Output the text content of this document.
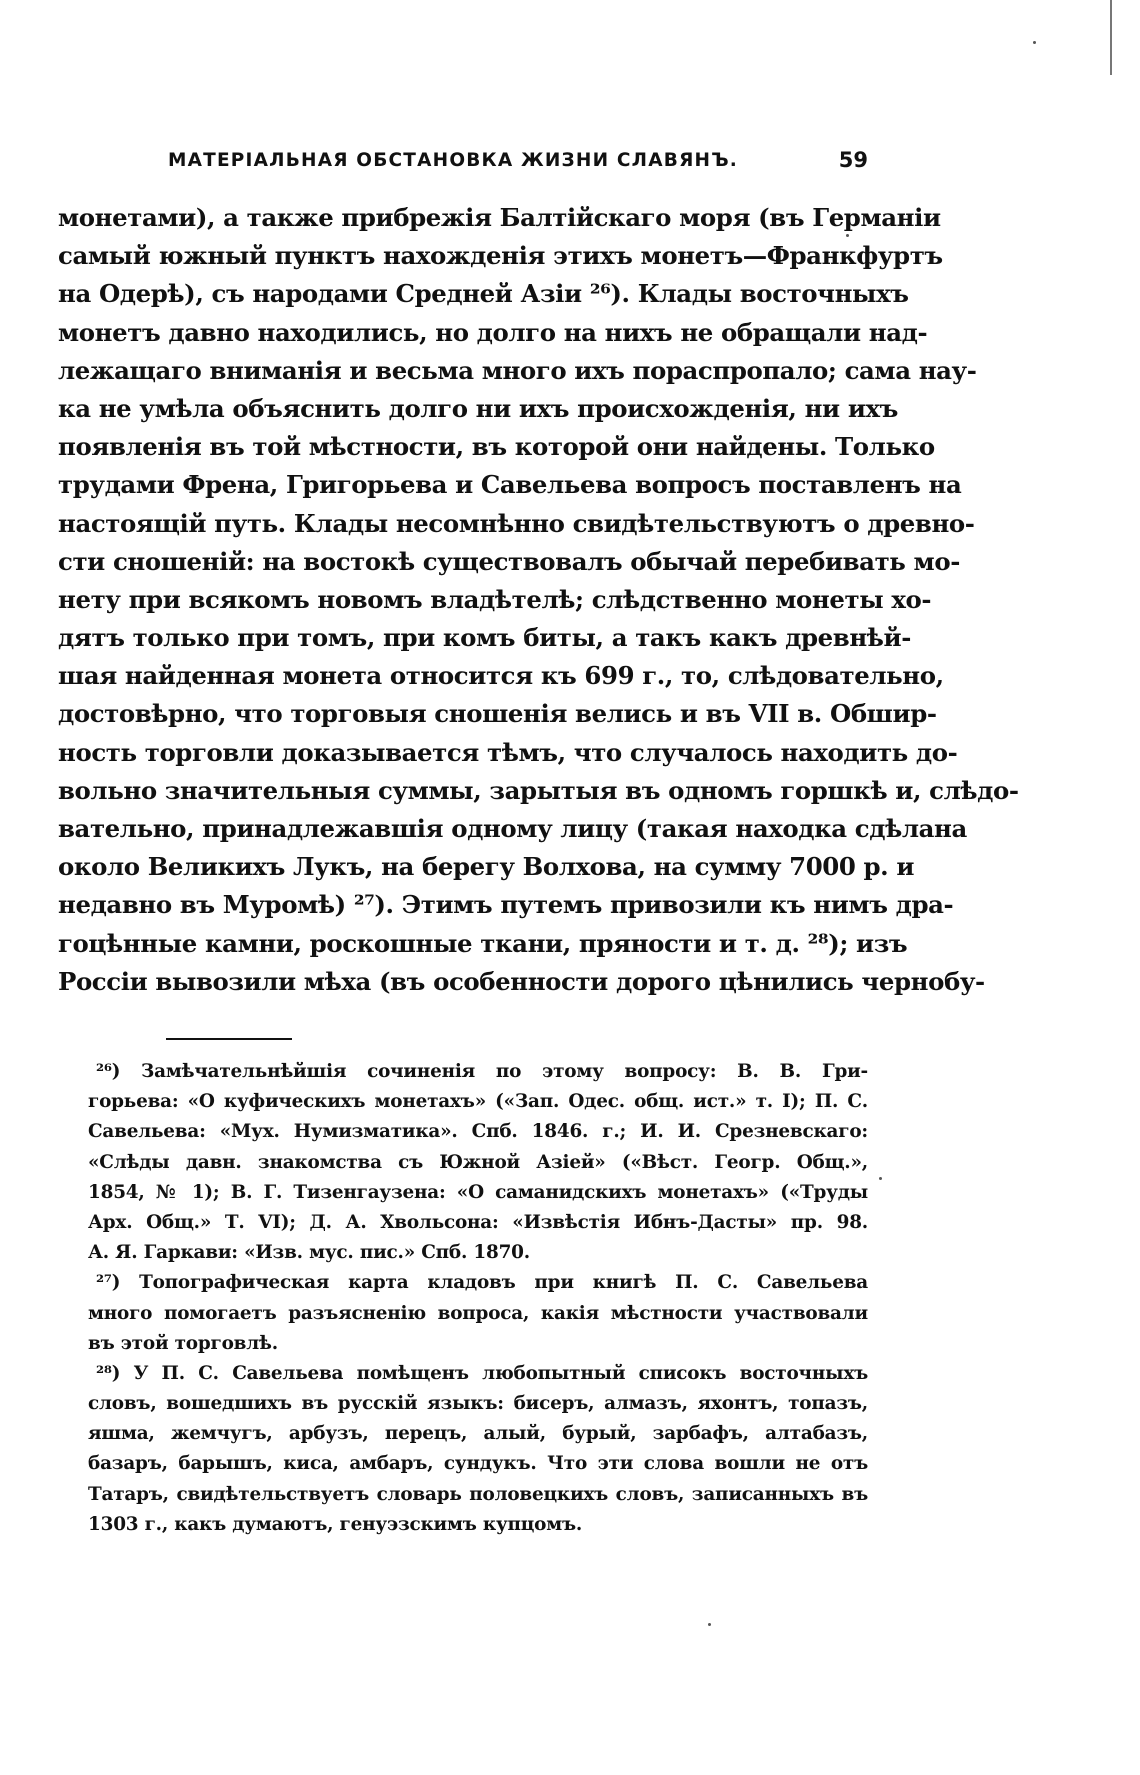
МАТЕРІАЛЬНАЯ ОБСТАНОВКА ЖИЗНИ СЛАВЯНЪ.	59
монетами), а также прибрежія Балтійскаго моря (въ Германіи
самый южный пунктъ нахожденія этихъ монетъ—Франкфуртъ
на Одерѣ), съ народами Средней Азіи ²⁶). Клады восточныхъ
монетъ давно находились, но долго на нихъ не обращали над-
лежащаго вниманія и весьма много ихъ пораспропало; сама нау-
ка не умѣла объяснить долго ни ихъ происхожденія, ни ихъ
появленія въ той мѣстности, въ которой они найдены. Только
трудами Френа, Григорьева и Савельева вопросъ поставленъ на
настоящій путь. Клады несомнѣнно свидѣтельствуютъ о древно-
сти сношеній: на востокѣ существовалъ обычай перебивать мо-
нету при всякомъ новомъ владѣтелѣ; слѣдственно монеты хо-
дятъ только при томъ, при комъ биты, а такъ какъ древнѣй-
шая найденная монета относится къ 699 г., то, слѣдовательно,
достовѣрно, что торговыя сношенія велись и въ VII в. Обшир-
ность торговли доказывается тѣмъ, что случалось находить до-
вольно значительныя суммы, зарытыя въ одномъ горшкѣ и, слѣдо-
вательно, принадлежавшія одному лицу (такая находка сдѣлана
около Великихъ Лукъ, на берегу Волхова, на сумму 7000 р. и
недавно въ Муромѣ) ²⁷). Этимъ путемъ привозили къ нимъ дра-
гоцѣнные камни, роскошные ткани, пряности и т. д. ²⁸); изъ
Россіи вывозили мѣха (въ особенности дорого цѣнились чернобу-
²⁶) Замѣчательнѣйшія сочиненія по этому вопросу: В. В. Гри-
горьева: «О куфическихъ монетахъ» («Зап. Одес. общ. ист.» т. I); П. С.
Савельева: «Мух. Нумизматика». Спб. 1846. г.; И. И. Срезневскаго:
«Слѣды давн. знакомства съ Южной Азіей» («Вѣст. Геогр. Общ.»,
1854, № 1); В. Г. Тизенгаузена: «О саманидскихъ монетахъ» («Труды
Арх. Общ.» Т. VI); Д. А. Хвольсона: «Извѣстія Ибнъ-Дасты» пр. 98.
А. Я. Гаркави: «Изв. мус. пис.» Спб. 1870.
²⁷) Топографическая карта кладовъ при книгѣ П. С. Савельева
много помогаетъ разъясненію вопроса, какія мѣстности участвовали
въ этой торговлѣ.
²⁸) У П. С. Савельева помѣщенъ любопытный списокъ восточныхъ
словъ, вошедшихъ въ русскій языкъ: бисеръ, алмазъ, яхонтъ, топазъ,
яшма, жемчугъ, арбузъ, перецъ, алый, бурый, зарбафъ, алтабазъ,
базаръ, барышъ, киса, амбаръ, сундукъ. Что эти слова вошли не отъ
Татаръ, свидѣтельствуетъ словарь половецкихъ словъ, записанныхъ въ
1303 г., какъ думаютъ, генуэзскимъ купцомъ.
